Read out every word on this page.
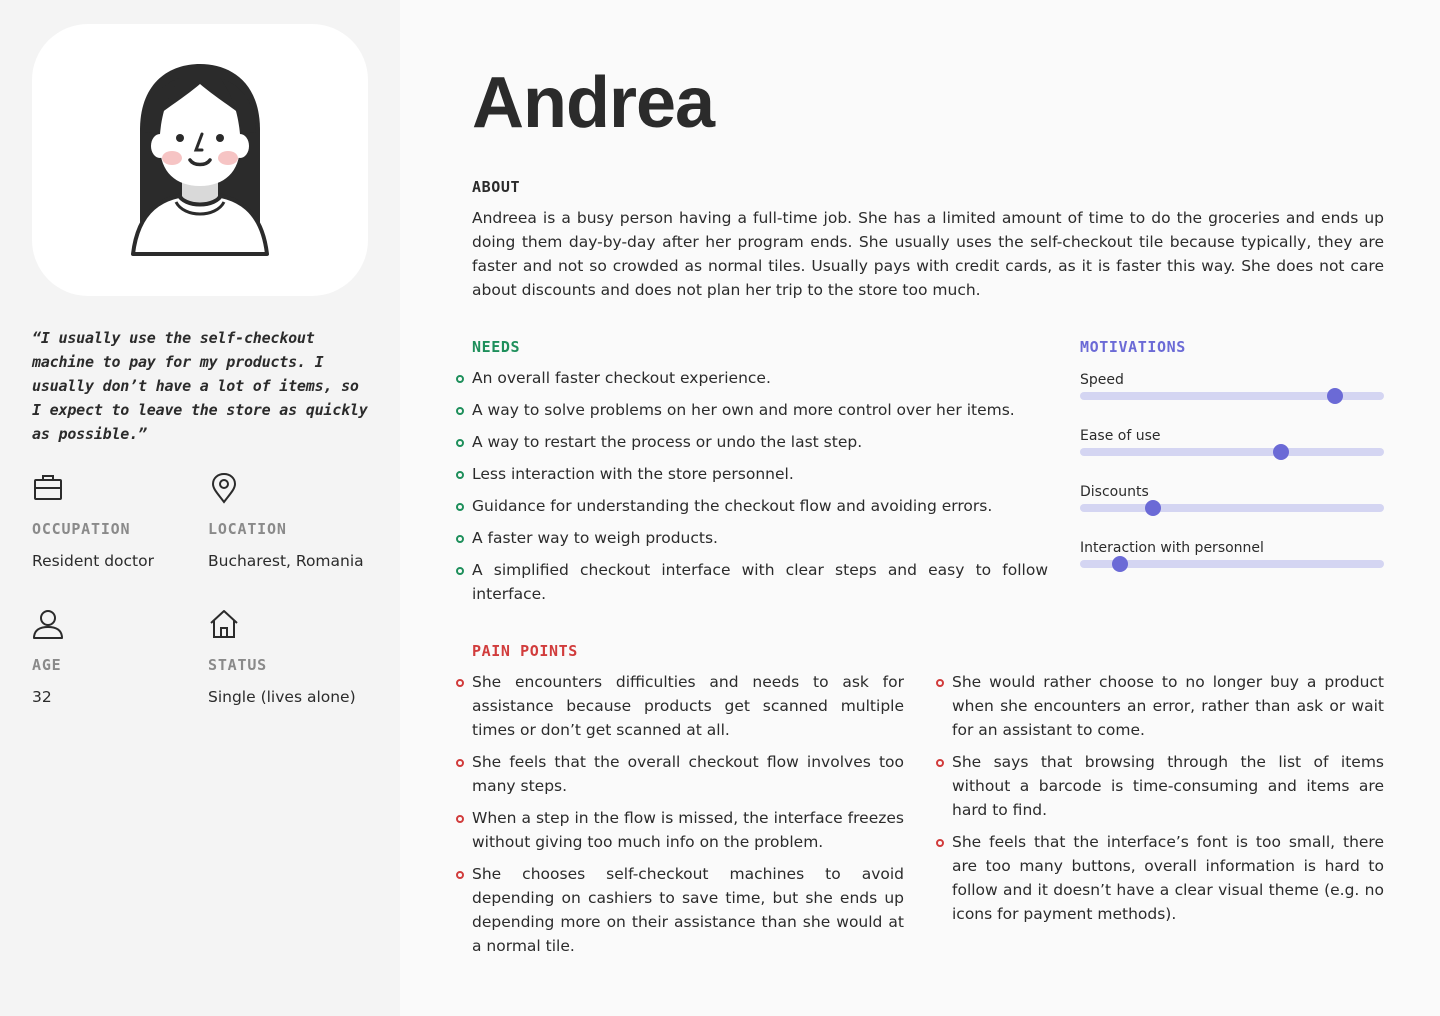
“I usually use the self-checkout machine to pay for my products. I usually don’t have a lot of items, so I expect to leave the store as quickly as possible.”

OCCUPATION
Resident doctor
LOCATION
Bucharest, Romania
AGE
32
STATUS
Single (lives alone)
Andrea
ABOUT

Andreea is a busy person having a full-time job. She has a limited amount of time to do the groceries and ends up doing them day-by-day after her program ends. She usually uses the self-checkout tile because typically, they are faster and not so crowded as normal tiles. Usually pays with credit cards, as it is faster this way. She does not care about discounts and does not plan her trip to the store too much.

NEEDS
An overall faster checkout experience.
A way to solve problems on her own and more control over her items.
A way to restart the process or undo the last step.
Less interaction with the store personnel.
Guidance for understanding the checkout flow and avoiding errors.
A faster way to weigh products.
A simplified checkout interface with clear steps and easy to follow interface.
MOTIVATIONS
Speed
Ease of use
Discounts
Interaction with personnel
PAIN POINTS
She encounters difficulties and needs to ask for assistance because products get scanned multiple times or don’t get scanned at all.
She feels that the overall checkout flow involves too many steps.
When a step in the flow is missed, the interface freezes without giving too much info on the problem.
She chooses self-checkout machines to avoid depending on cashiers to save time, but she ends up depending more on their assistance than she would at a normal tile.
She would rather choose to no longer buy a product when she encounters an error, rather than ask or wait for an assistant to come.
She says that browsing through the list of items without a barcode is time-consuming and items are hard to find.
She feels that the interface’s font is too small, there are too many buttons, overall information is hard to follow and it doesn’t have a clear visual theme (e.g. no icons for payment methods).
